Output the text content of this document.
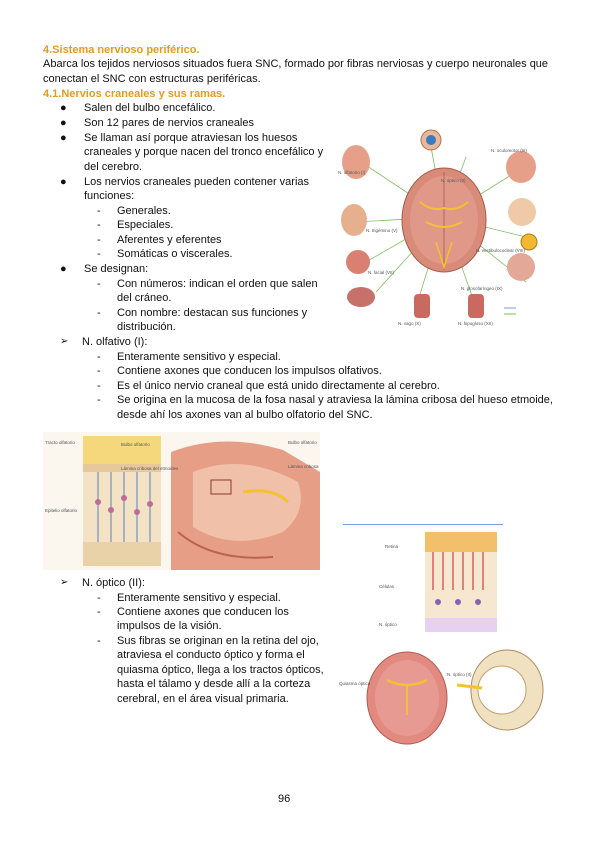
4.Sistema nervioso periférico.
Abarca los tejidos nerviosos situados fuera SNC, formado por fibras nerviosas y cuerpo neuronales que conectan el SNC con estructuras periféricas.
4.1.Nervios craneales y sus ramas.
●	Salen del bulbo encefálico.
●	Son 12 pares de nervios craneales
●	Se llaman así porque atraviesan los huesos
craneales y porque nacen del tronco encefálico y
del cerebro.
●	Los nervios craneales pueden contener varias
funciones:
-	Generales.
-	Especiales.
-	Aferentes y eferentes
-	Somáticas o viscerales.
●	Se designan:
-	Con números: indican el orden que salen
del cráneo.
-	Con nombre: destacan sus funciones y
distribución.
➢	N. olfativo (I):
-	Enteramente sensitivo y especial.
-	Contiene axones que conducen los impulsos olfativos.
-	Es el único nervio craneal que está unido directamente al cerebro.
-	Se origina en la mucosa de la fosa nasal y atraviesa la lámina cribosa del hueso etmoide,
desde ahí los axones van al bulbo olfatorio del SNC.
➢	N. óptico (II):
-	Enteramente sensitivo y especial.
-	Contiene axones que conducen los
impulsos de la visión.
-	Sus fibras se originan en la retina del ojo,
atraviesa el conducto óptico y forma el
quiasma óptico, llega a los tractos ópticos,
hasta el tálamo y desde allí a la corteza
cerebral, en el área visual primaria.
N. olfatorio (I)
N. óptico (II)
N. oculomotor (III)
N. trigémino (V)
N. vestibulococlear (VIII)
N. facial (VII)
N. glosofaríngeo (IX)
N. vago (X)	N. hipogloso (XII)
Tracto olfatorio	Bulbo olfatorio
Lámina cribosa del etmoides
Epitelio olfatorio
Bulbo olfatorio
Lámina cribosa
Retina
Células
N. óptico
Quiasma óptico
N. óptico (II)
96
